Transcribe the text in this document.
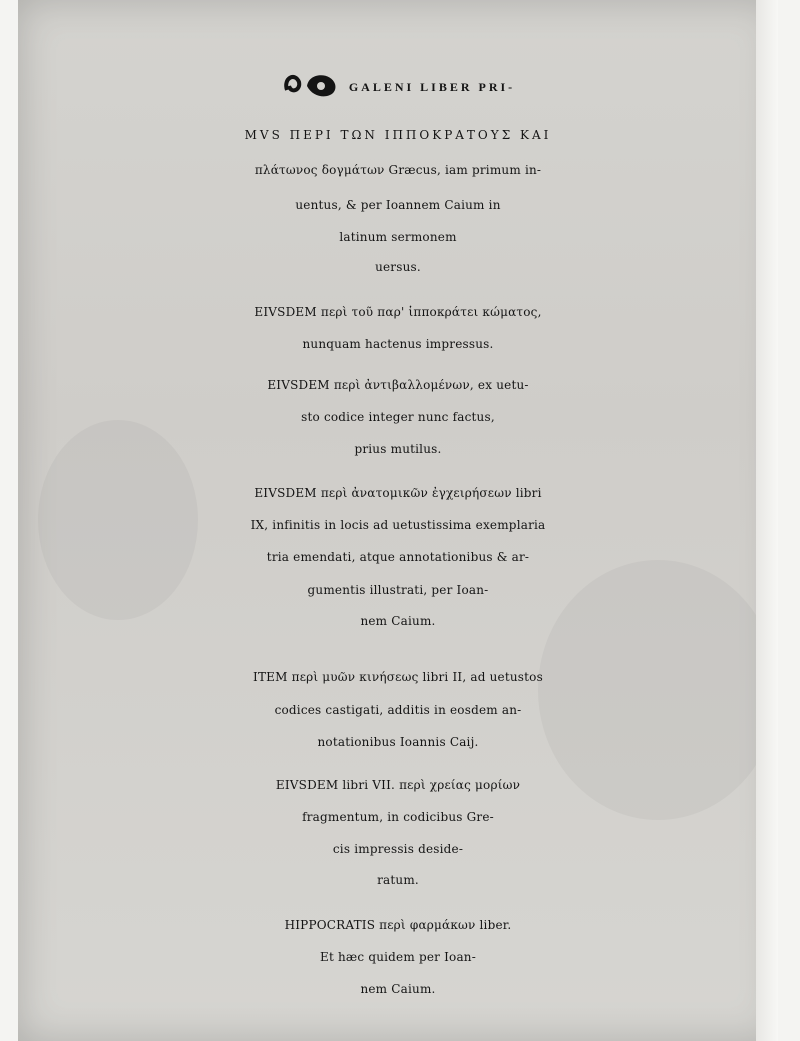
GALENI LIBER PRI-
MVS ΠΕΡΙ ΤΩΝ ΙΠΠΟΚΡΑΤΟΥΣ ΚΑΙ
πλάτωνος δογμάτων Græcus, iam primum in-
uentus, & per Ioannem Caium in
latinum sermonem
uersus.
EIVSDEM περὶ τοῦ παρ' ἱπποκράτει κώματος,
nunquam hactenus impressus.
EIVSDEM περὶ ἀντιβαλλομένων, ex uetu-
sto codice integer nunc factus,
prius mutilus.
EIVSDEM περὶ ἀνατομικῶν ἐγχειρήσεων libri
IX, infinitis in locis ad uetustissima exemplaria
tria emendati, atque annotationibus & ar-
gumentis illustrati, per Ioan-
nem Caium.
ITEM περὶ μυῶν κινήσεως libri II, ad uetustos
codices castigati, additis in eosdem an-
notationibus Ioannis Caij.
EIVSDEM libri VII. περὶ χρείας μορίων
fragmentum, in codicibus Gre-
cis impressis deside-
ratum.
HIPPOCRATIS περὶ φαρμάκων liber.
Et hæc quidem per Ioan-
nem Caium.
